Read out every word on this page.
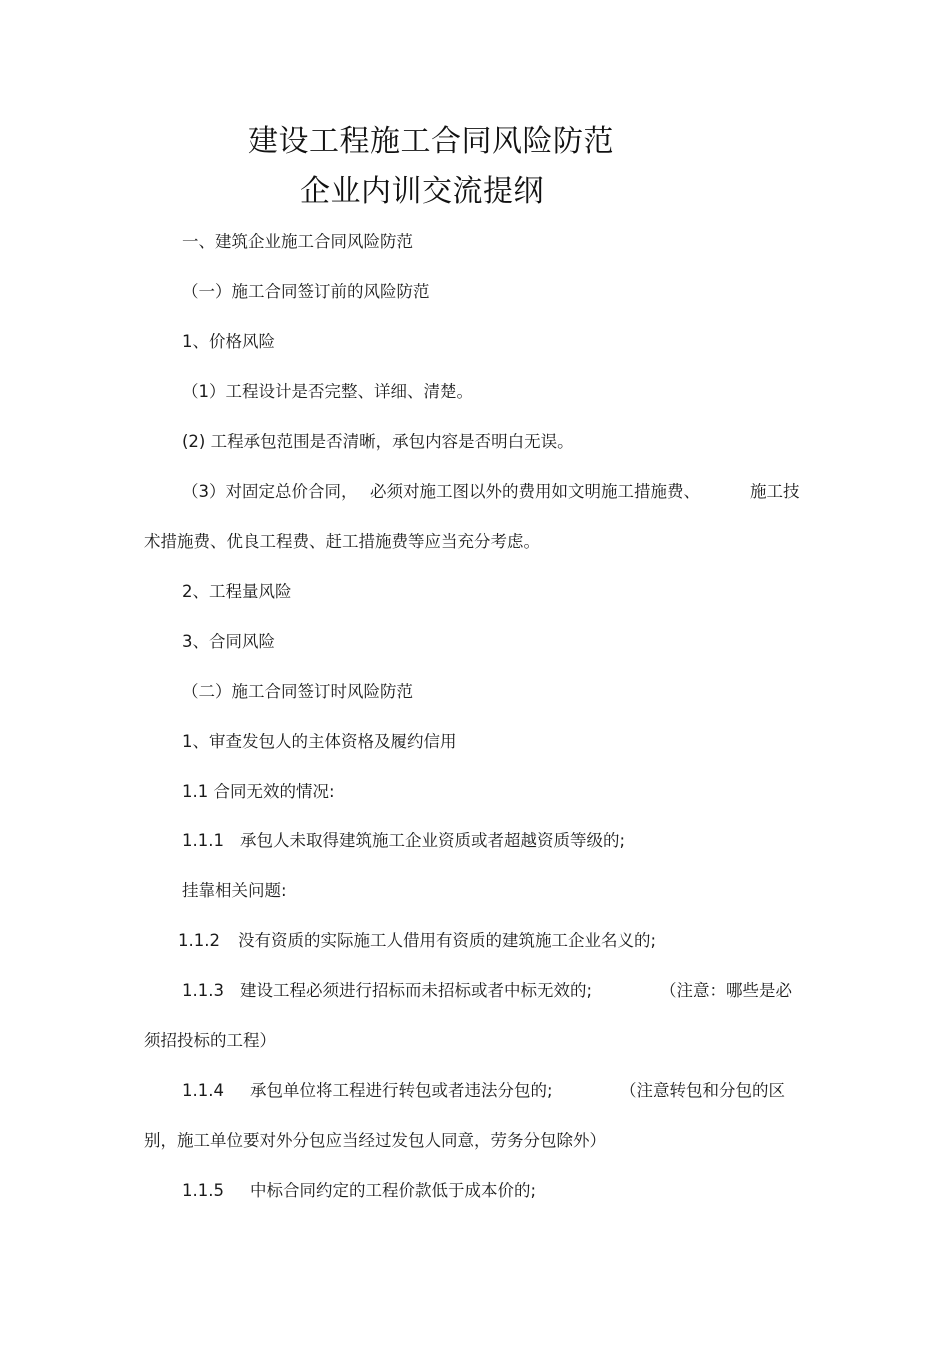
建设工程施工合同风险防范
企业内训交流提纲
一、建筑企业施工合同风险防范
（一）施工合同签订前的风险防范
1、价格风险
（1）工程设计是否完整、详细、清楚。
(2) 工程承包范围是否清晰，承包内容是否明白无误。
（3）对固定总价合同， 必须对施工图以外的费用如文明施工措施费、	施工技
术措施费、优良工程费、赶工措施费等应当充分考虑。
2、工程量风险
3、合同风险
（二）施工合同签订时风险防范
1、审查发包人的主体资格及履约信用
1.1 合同无效的情况:
1.1.1 承包人未取得建筑施工企业资质或者超越资质等级的;
挂靠相关问题:
1.1.2 没有资质的实际施工人借用有资质的建筑施工企业名义的;
1.1.3 建设工程必须进行招标而未招标或者中标无效的;	（注意：哪些是必
须招投标的工程）
1.1.4 承包单位将工程进行转包或者违法分包的;	（注意转包和分包的区
别，施工单位要对外分包应当经过发包人同意，劳务分包除外）
1.1.5 中标合同约定的工程价款低于成本价的;
